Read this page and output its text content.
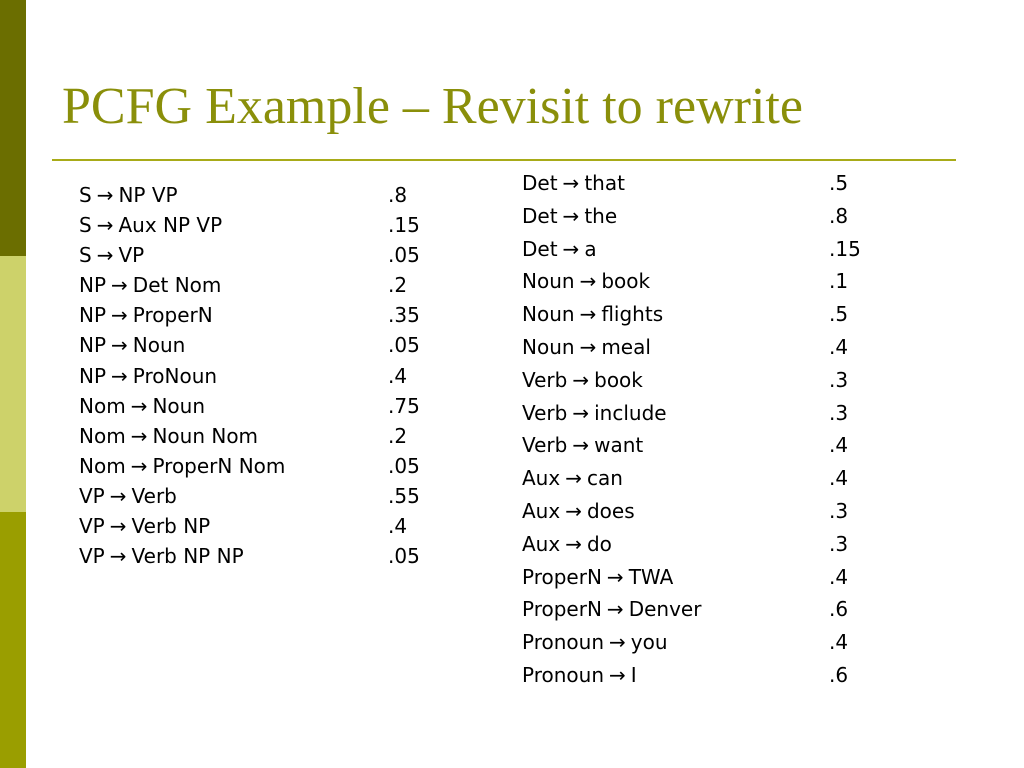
PCFG Example – Revisit to rewrite
S → NP VP	.8
S → Aux NP VP	.15
S → VP	.05
NP → Det Nom	.2
NP → ProperN	.35
NP → Noun	.05
NP → ProNoun	.4
Nom → Noun	.75
Nom → Noun Nom	.2
Nom → ProperN Nom	.05
VP → Verb	.55
VP → Verb NP	.4
VP → Verb NP NP	.05
Det → that	.5
Det → the	.8
Det → a	.15
Noun → book	.1
Noun → flights	.5
Noun → meal	.4
Verb → book	.3
Verb → include	.3
Verb → want	.4
Aux → can	.4
Aux → does	.3
Aux → do	.3
ProperN → TWA	.4
ProperN → Denver	.6
Pronoun → you	.4
Pronoun → I	.6
